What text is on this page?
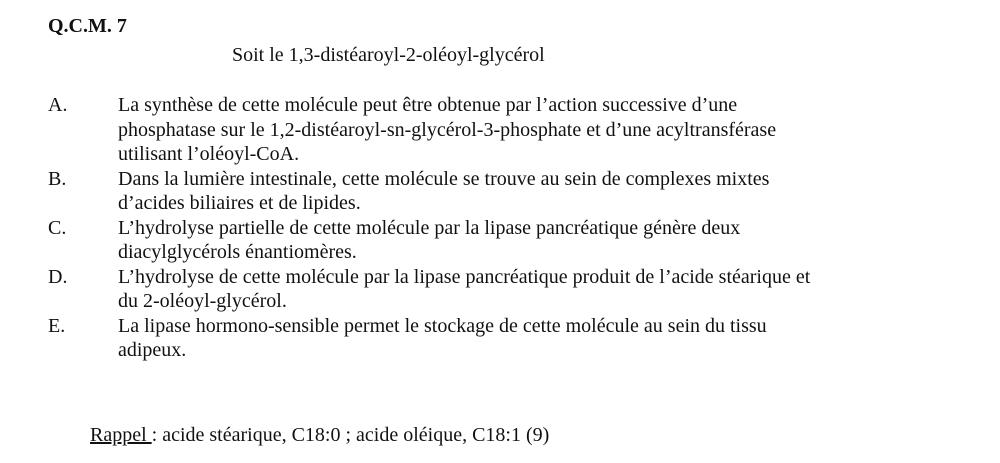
Q.C.M. 7
Soit le 1,3-distéaroyl-2-oléoyl-glycérol
A.	La synthèse de cette molécule peut être obtenue par l’action successive d’une
phosphatase sur le 1,2-distéaroyl-sn-glycérol-3-phosphate et d’une acyltransférase
utilisant l’oléoyl-CoA.
B.	Dans la lumière intestinale, cette molécule se trouve au sein de complexes mixtes
d’acides biliaires et de lipides.
C.	L’hydrolyse partielle de cette molécule par la lipase pancréatique génère deux
diacylglycérols énantiomères.
D.	L’hydrolyse de cette molécule par la lipase pancréatique produit de l’acide stéarique et
du 2-oléoyl-glycérol.
E.	La lipase hormono-sensible permet le stockage de cette molécule au sein du tissu
adipeux.
Rappel : acide stéarique, C18:0 ; acide oléique, C18:1 (9)
